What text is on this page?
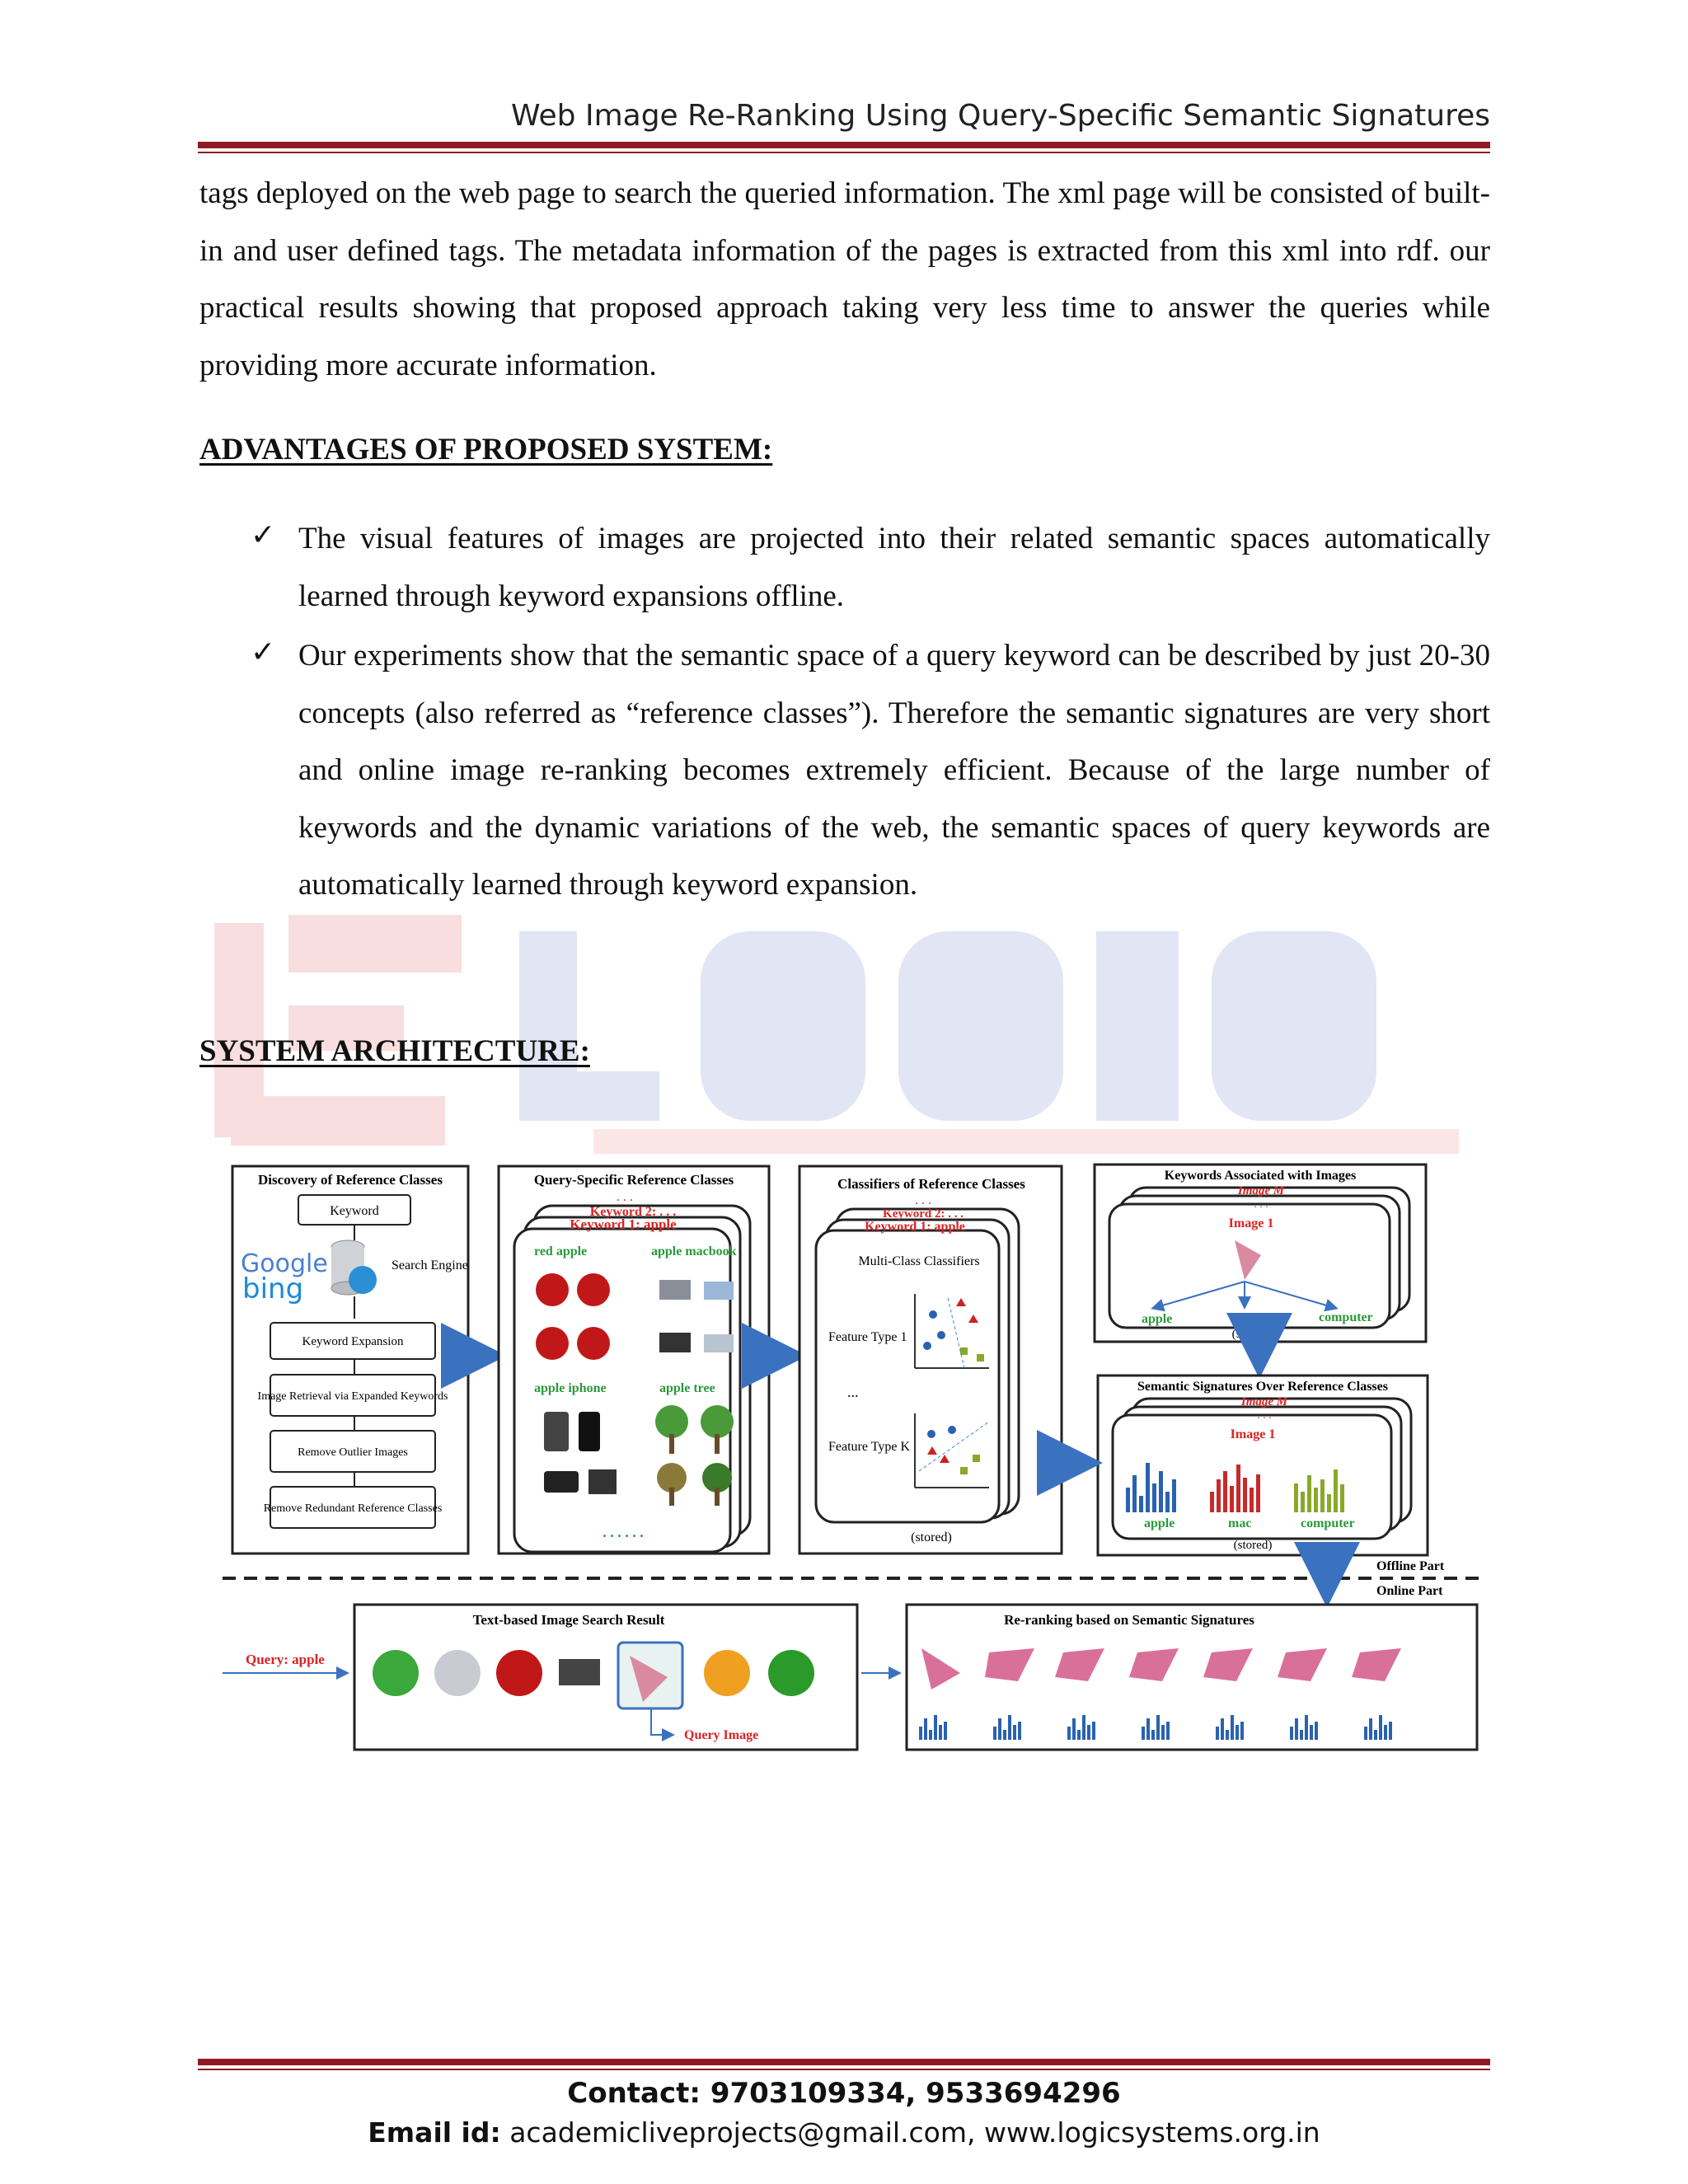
Web Image Re-Ranking Using Query-Specific Semantic Signatures
tags deployed on the web page to search the queried information. The xml page will be consisted of built-in and user defined tags. The metadata information of the pages is extracted from this xml into rdf. our practical results showing that proposed approach taking very less time to answer the queries while providing more accurate information.
ADVANTAGES OF PROPOSED SYSTEM:
✓ The visual features of images are projected into their related semantic spaces automatically learned through keyword expansions offline.
✓ Our experiments show that the semantic space of a query keyword can be described by just 20-30 concepts (also referred as “reference classes”). Therefore the semantic signatures are very short and online image re-ranking becomes extremely efficient. Because of the large number of keywords and the dynamic variations of the web, the semantic spaces of query keywords are automatically learned through keyword expansion.
SYSTEM ARCHITECTURE:
Discovery of Reference Classes
Keyword
Google
bing
Search Engine
Keyword Expansion
Image Retrieval via Expanded Keywords
Remove Outlier Images
Remove Redundant Reference Classes
Query-Specific Reference Classes
. . .
Keyword 2: . . .
Keyword 1: apple
red apple	apple macbook
apple iphone	apple tree
. . . . . .
Classifiers of Reference Classes
. . .
Keyword 2: . . .
Keyword 1: apple
Multi-Class Classifiers
Feature Type 1
...
Feature Type K
(stored)
Keywords Associated with Images
Image M
. . .
Image 1
apple	mac	computer
(stored)
Semantic Signatures Over Reference Classes
Image M
. . .
Image 1
apple	mac	computer
(stored)
Offline Part
Online Part
Query: apple
Text-based Image Search Result
Query Image
Re-ranking based on Semantic Signatures
Contact: 9703109334, 9533694296
Email id: academicliveprojects@gmail.com, www.logicsystems.org.in
